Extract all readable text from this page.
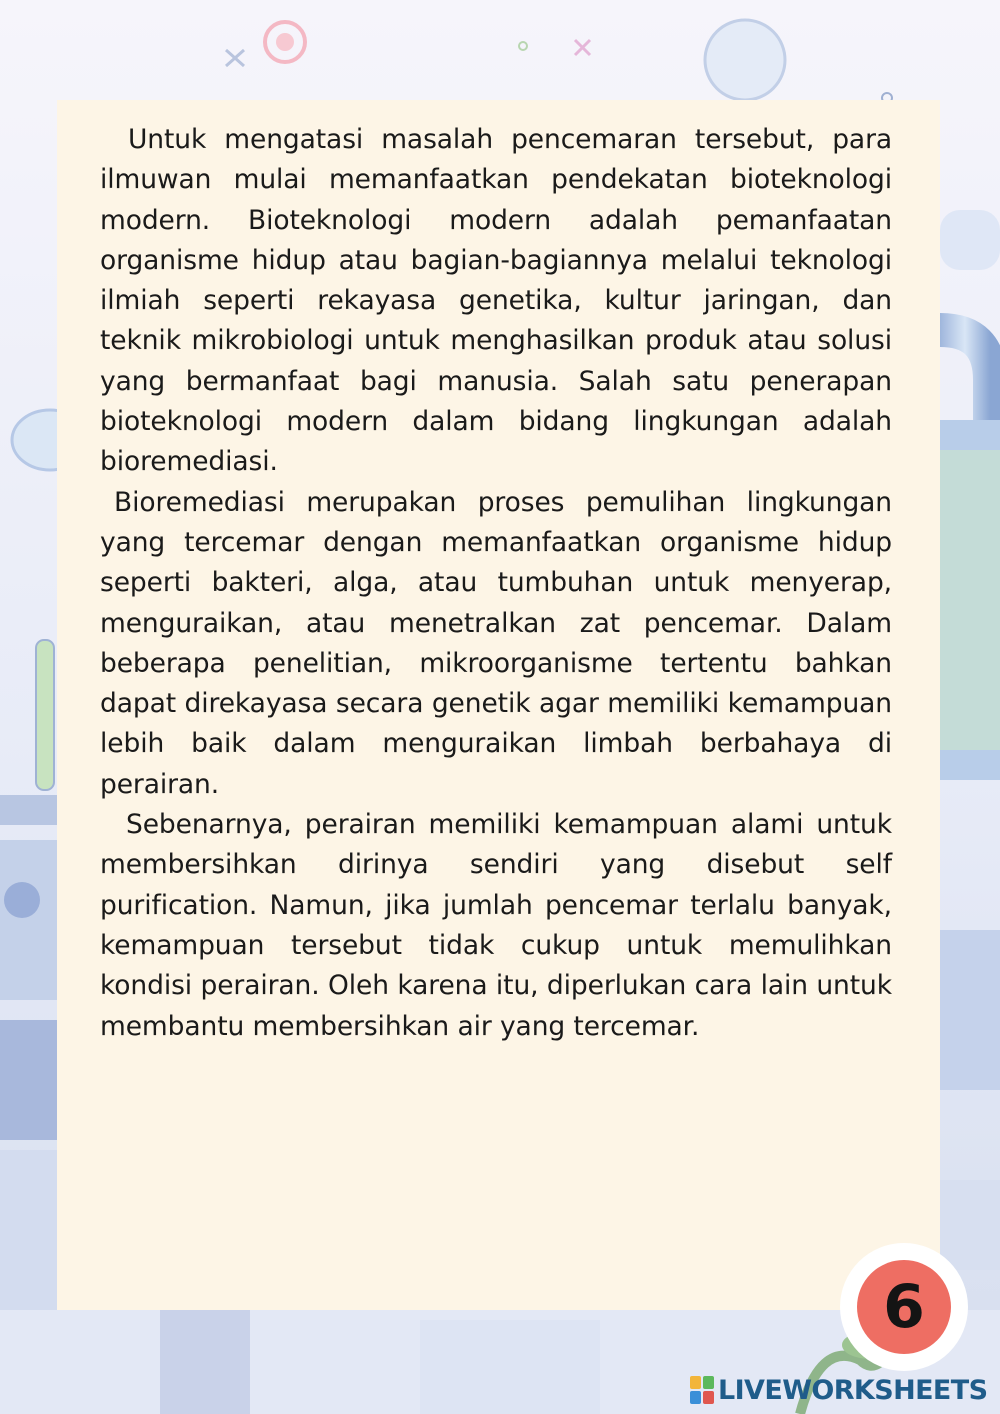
Untuk mengatasi masalah pencemaran tersebut, para ilmuwan mulai memanfaatkan pendekatan bioteknologi modern. Bioteknologi modern adalah pemanfaatan organisme hidup atau bagian-bagiannya melalui teknologi ilmiah seperti rekayasa genetika, kultur jaringan, dan teknik mikrobiologi untuk menghasilkan produk atau solusi yang bermanfaat bagi manusia. Salah satu penerapan bioteknologi modern dalam bidang lingkungan adalah bioremediasi.

Bioremediasi merupakan proses pemulihan lingkungan yang tercemar dengan memanfaatkan organisme hidup seperti bakteri, alga, atau tumbuhan untuk menyerap, menguraikan, atau menetralkan zat pencemar. Dalam beberapa penelitian, mikroorganisme tertentu bahkan dapat direkayasa secara genetik agar memiliki kemampuan lebih baik dalam menguraikan limbah berbahaya di perairan.

Sebenarnya, perairan memiliki kemampuan alami untuk membersihkan dirinya sendiri yang disebut self purification. Namun, jika jumlah pencemar terlalu banyak, kemampuan tersebut tidak cukup untuk memulihkan kondisi perairan. Oleh karena itu, diperlukan cara lain untuk membantu membersihkan air yang tercemar.

6
LIVEWORKSHEETS
